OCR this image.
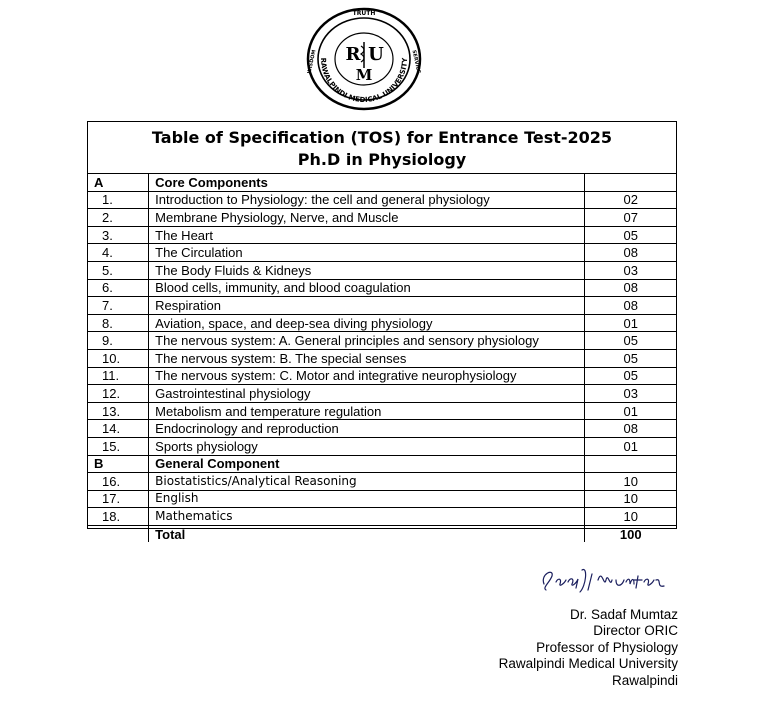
RAWALPINDI MEDICAL UNIVERSITY
TRUTH
WISDOM	SERVICE
R
M
U
Table of Specification (TOS) for Entrance Test-2025
Ph.D in Physiology
A	Core Components	
1.	Introduction to Physiology: the cell and general physiology	02
2.	Membrane Physiology, Nerve, and Muscle	07
3.	The Heart	05
4.	The Circulation	08
5.	The Body Fluids & Kidneys	03
6.	Blood cells, immunity, and blood coagulation	08
7.	Respiration	08
8.	Aviation, space, and deep-sea diving physiology	01
9.	The nervous system: A. General principles and sensory physiology	05
10.	The nervous system: B. The special senses	05
11.	The nervous system: C. Motor and integrative neurophysiology	05
12.	Gastrointestinal physiology	03
13.	Metabolism and temperature regulation	01
14.	Endocrinology and reproduction	08
15.	Sports physiology	01
B	General Component	
16.	Biostatistics/Analytical Reasoning	10
17.	English	10
18.	Mathematics	10
	Total	100
Dr. Sadaf Mumtaz
Director ORIC
Professor of Physiology
Rawalpindi Medical University
Rawalpindi
